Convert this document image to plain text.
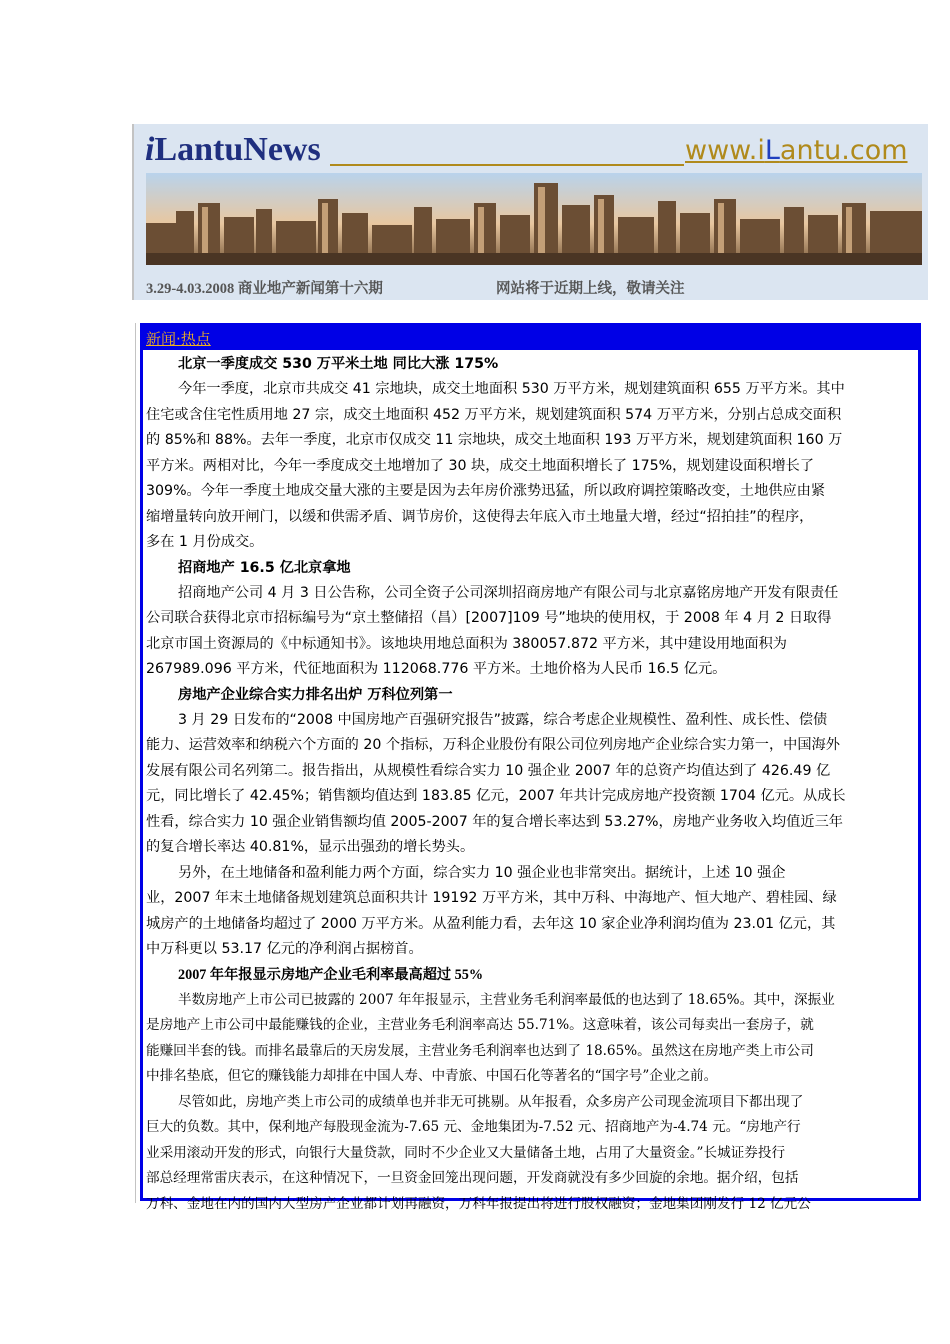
iLantuNews	www.iLantu.com
3.29-4.03.2008 商业地产新闻第十六期	网站将于近期上线，敬请关注
新闻·热点
北京一季度成交 530 万平米土地 同比大涨 175%
今年一季度，北京市共成交 41 宗地块，成交土地面积 530 万平方米，规划建筑面积 655 万平方米。其中
住宅或含住宅性质用地 27 宗，成交土地面积 452 万平方米，规划建筑面积 574 万平方米，分别占总成交面积
的 85%和 88%。去年一季度，北京市仅成交 11 宗地块，成交土地面积 193 万平方米，规划建筑面积 160 万
平方米。两相对比，今年一季度成交土地增加了 30 块，成交土地面积增长了 175%，规划建设面积增长了
309%。今年一季度土地成交量大涨的主要是因为去年房价涨势迅猛，所以政府调控策略改变，土地供应由紧
缩增量转向放开闸门，以缓和供需矛盾、调节房价，这使得去年底入市土地量大增，经过“招拍挂”的程序，
多在 1 月份成交。
招商地产 16.5 亿北京拿地
招商地产公司 4 月 3 日公告称，公司全资子公司深圳招商房地产有限公司与北京嘉铭房地产开发有限责任
公司联合获得北京市招标编号为“京土整储招（昌）[2007]109 号”地块的使用权，于 2008 年 4 月 2 日取得
北京市国土资源局的《中标通知书》。该地块用地总面积为 380057.872 平方米，其中建设用地面积为
267989.096 平方米，代征地面积为 112068.776 平方米。土地价格为人民币 16.5 亿元。
房地产企业综合实力排名出炉 万科位列第一
3 月 29 日发布的“2008 中国房地产百强研究报告”披露，综合考虑企业规模性、盈利性、成长性、偿债
能力、运营效率和纳税六个方面的 20 个指标，万科企业股份有限公司位列房地产企业综合实力第一，中国海外
发展有限公司名列第二。报告指出，从规模性看综合实力 10 强企业 2007 年的总资产均值达到了 426.49 亿
元，同比增长了 42.45%；销售额均值达到 183.85 亿元，2007 年共计完成房地产投资额 1704 亿元。从成长
性看，综合实力 10 强企业销售额均值 2005-2007 年的复合增长率达到 53.27%，房地产业务收入均值近三年
的复合增长率达 40.81%，显示出强劲的增长势头。
另外，在土地储备和盈利能力两个方面，综合实力 10 强企业也非常突出。据统计，上述 10 强企
业，2007 年末土地储备规划建筑总面积共计 19192 万平方米，其中万科、中海地产、恒大地产、碧桂园、绿
城房产的土地储备均超过了 2000 万平方米。从盈利能力看，去年这 10 家企业净利润均值为 23.01 亿元，其
中万科更以 53.17 亿元的净利润占据榜首。
2007 年年报显示房地产企业毛利率最高超过 55%
半数房地产上市公司已披露的 2007 年年报显示，主营业务毛利润率最低的也达到了 18.65%。其中，深振业
是房地产上市公司中最能赚钱的企业，主营业务毛利润率高达 55.71%。这意味着，该公司每卖出一套房子，就
能赚回半套的钱。而排名最靠后的天房发展，主营业务毛利润率也达到了 18.65%。虽然这在房地产类上市公司
中排名垫底，但它的赚钱能力却排在中国人寿、中青旅、中国石化等著名的“国字号”企业之前。
尽管如此，房地产类上市公司的成绩单也并非无可挑剔。从年报看，众多房产公司现金流项目下都出现了
巨大的负数。其中，保利地产每股现金流为-7.65 元、金地集团为-7.52 元、招商地产为-4.74 元。“房地产行
业采用滚动开发的形式，向银行大量贷款，同时不少企业又大量储备土地，占用了大量资金。”长城证券投行
部总经理常雷庆表示，在这种情况下，一旦资金回笼出现问题，开发商就没有多少回旋的余地。据介绍，包括
万科、金地在内的国内大型房产企业都计划再融资，万科年报提出将进行股权融资；金地集团刚发行 12 亿元公
